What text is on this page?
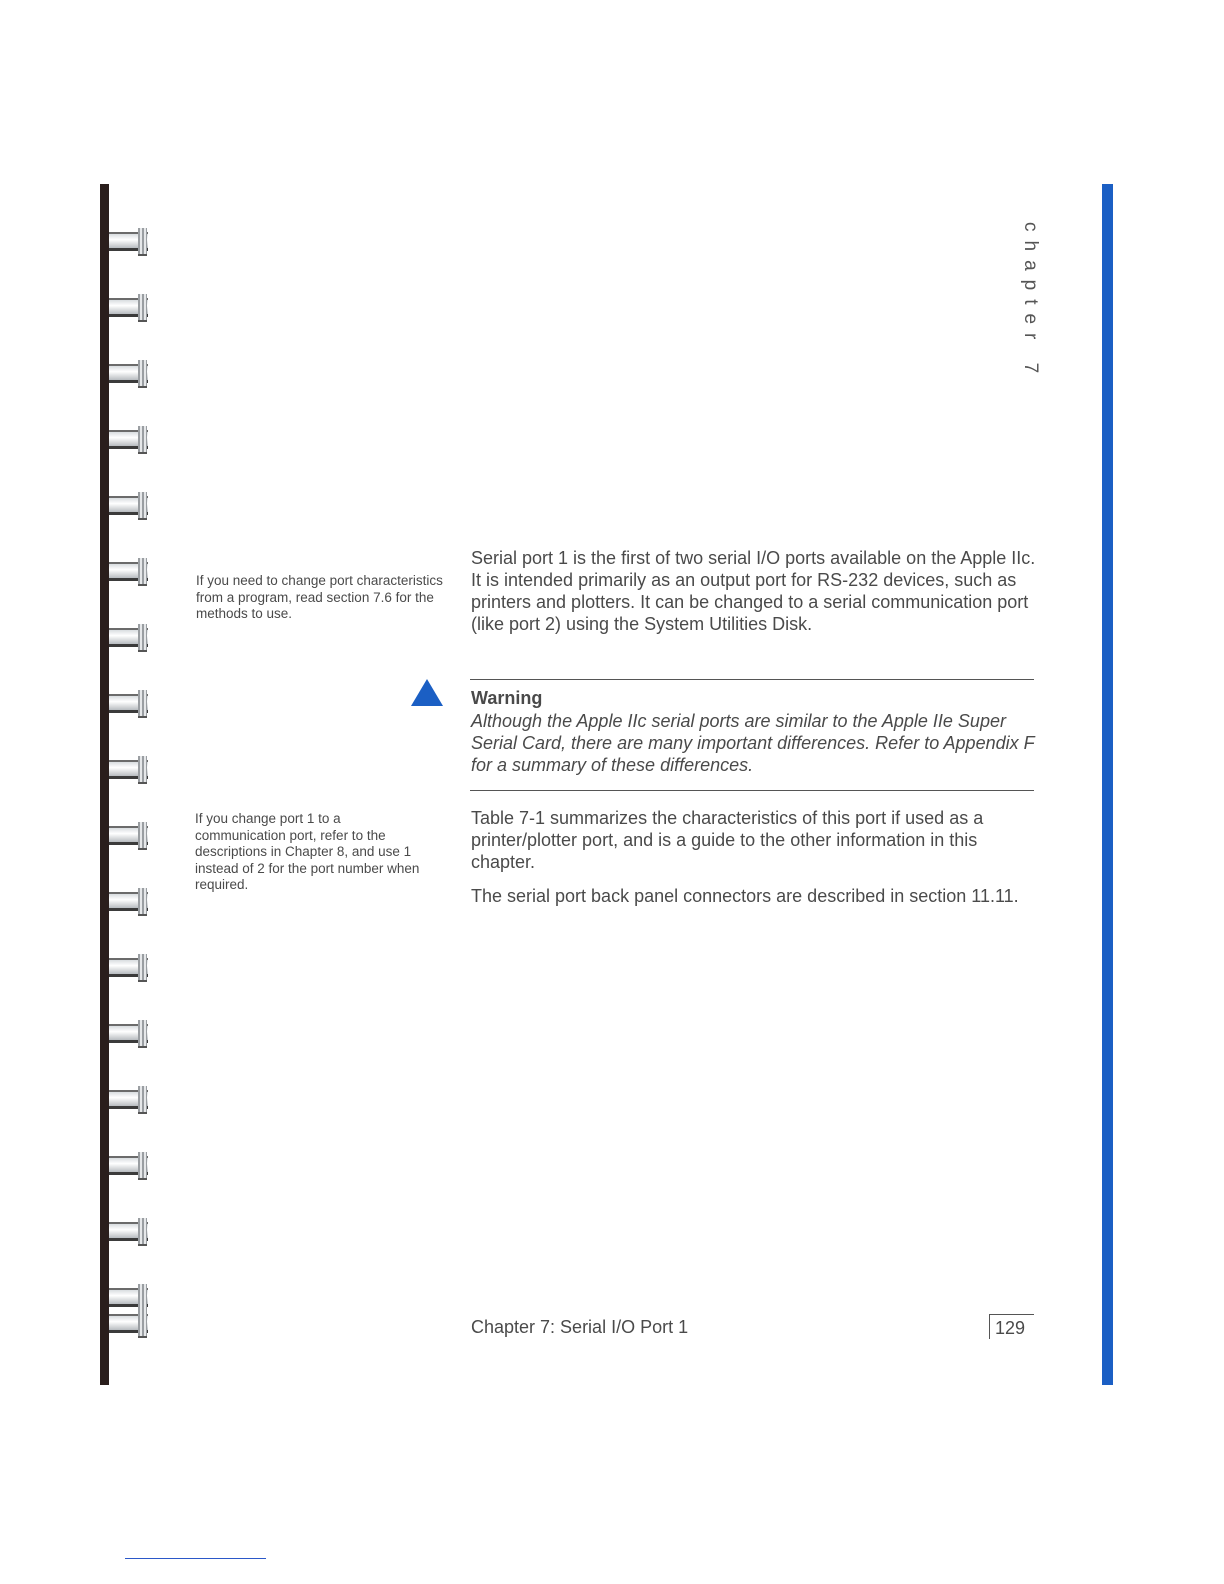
chapter 7

If you need to change port characteristics from a program, read section 7.6 for the methods to use.

If you change port 1 to a communication port, refer to the descriptions in Chapter 8, and use 1 instead of 2 for the port number when required.

Serial port 1 is the first of two serial I/O ports available on the Apple IIc. It is intended primarily as an output port for RS-232 devices, such as printers and plotters. It can be changed to a serial communication port (like port 2) using the System Utilities Disk.

Warning

Although the Apple IIc serial ports are similar to the Apple IIe Super Serial Card, there are many important differences. Refer to Appendix F for a summary of these differences.

Table 7-1 summarizes the characteristics of this port if used as a printer/plotter port, and is a guide to the other information in this chapter.

The serial port back panel connectors are described in section 11.11.

Chapter 7: Serial I/O Port 1	129
